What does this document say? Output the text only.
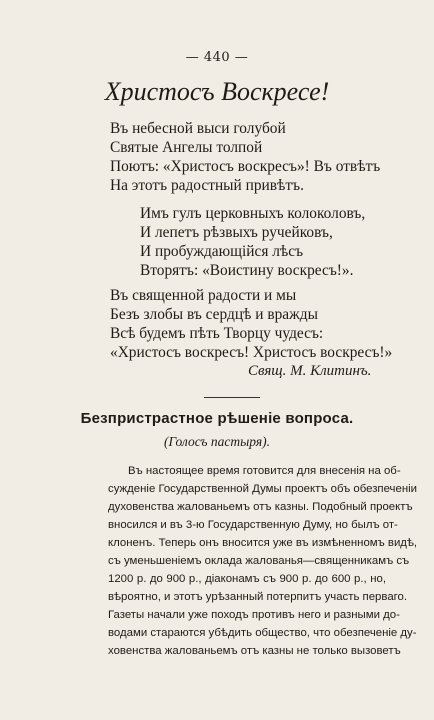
— 440 —
Христосъ Воскресе!
Въ небесной выси голубой
Святые Ангелы толпой
Поютъ: «Христосъ воскресъ»! Въ отвѣтъ
На этотъ радостный привѣтъ.
Имъ гулъ церковныхъ колоколовъ,
И лепетъ рѣзвыхъ ручейковъ,
И пробуждающійся лѣсъ
Вторятъ: «Воистину воскресъ!».
Въ священной радости и мы
Безъ злобы въ сердцѣ и вражды
Всѣ будемъ пѣть Творцу чудесъ:
«Христосъ воскресъ! Христосъ воскресъ!»
Свящ. М. Клитинъ.
Безпристрастное рѣшеніе вопроса.
(Голосъ пастыря).
Въ настоящее время готовится для внесенія на об-
сужденіе Государственной Думы проектъ объ обезпеченіи
духовенства жалованьемъ отъ казны. Подобный проектъ
вносился и въ 3-ю Государственную Думу, но былъ от-
клоненъ. Теперь онъ вносится уже въ измѣненномъ видѣ,
съ уменьшеніемъ оклада жалованья—священникамъ съ
1200 р. до 900 р., діаконамъ съ 900 р. до 600 р., но,
вѣроятно, и этотъ урѣзанный потерпитъ участь перваго.
Газеты начали уже походъ противъ него и разными до-
водами стараются убѣдить общество, что обезпеченіе ду-
ховенства жалованьемъ отъ казны не только вызоветъ
